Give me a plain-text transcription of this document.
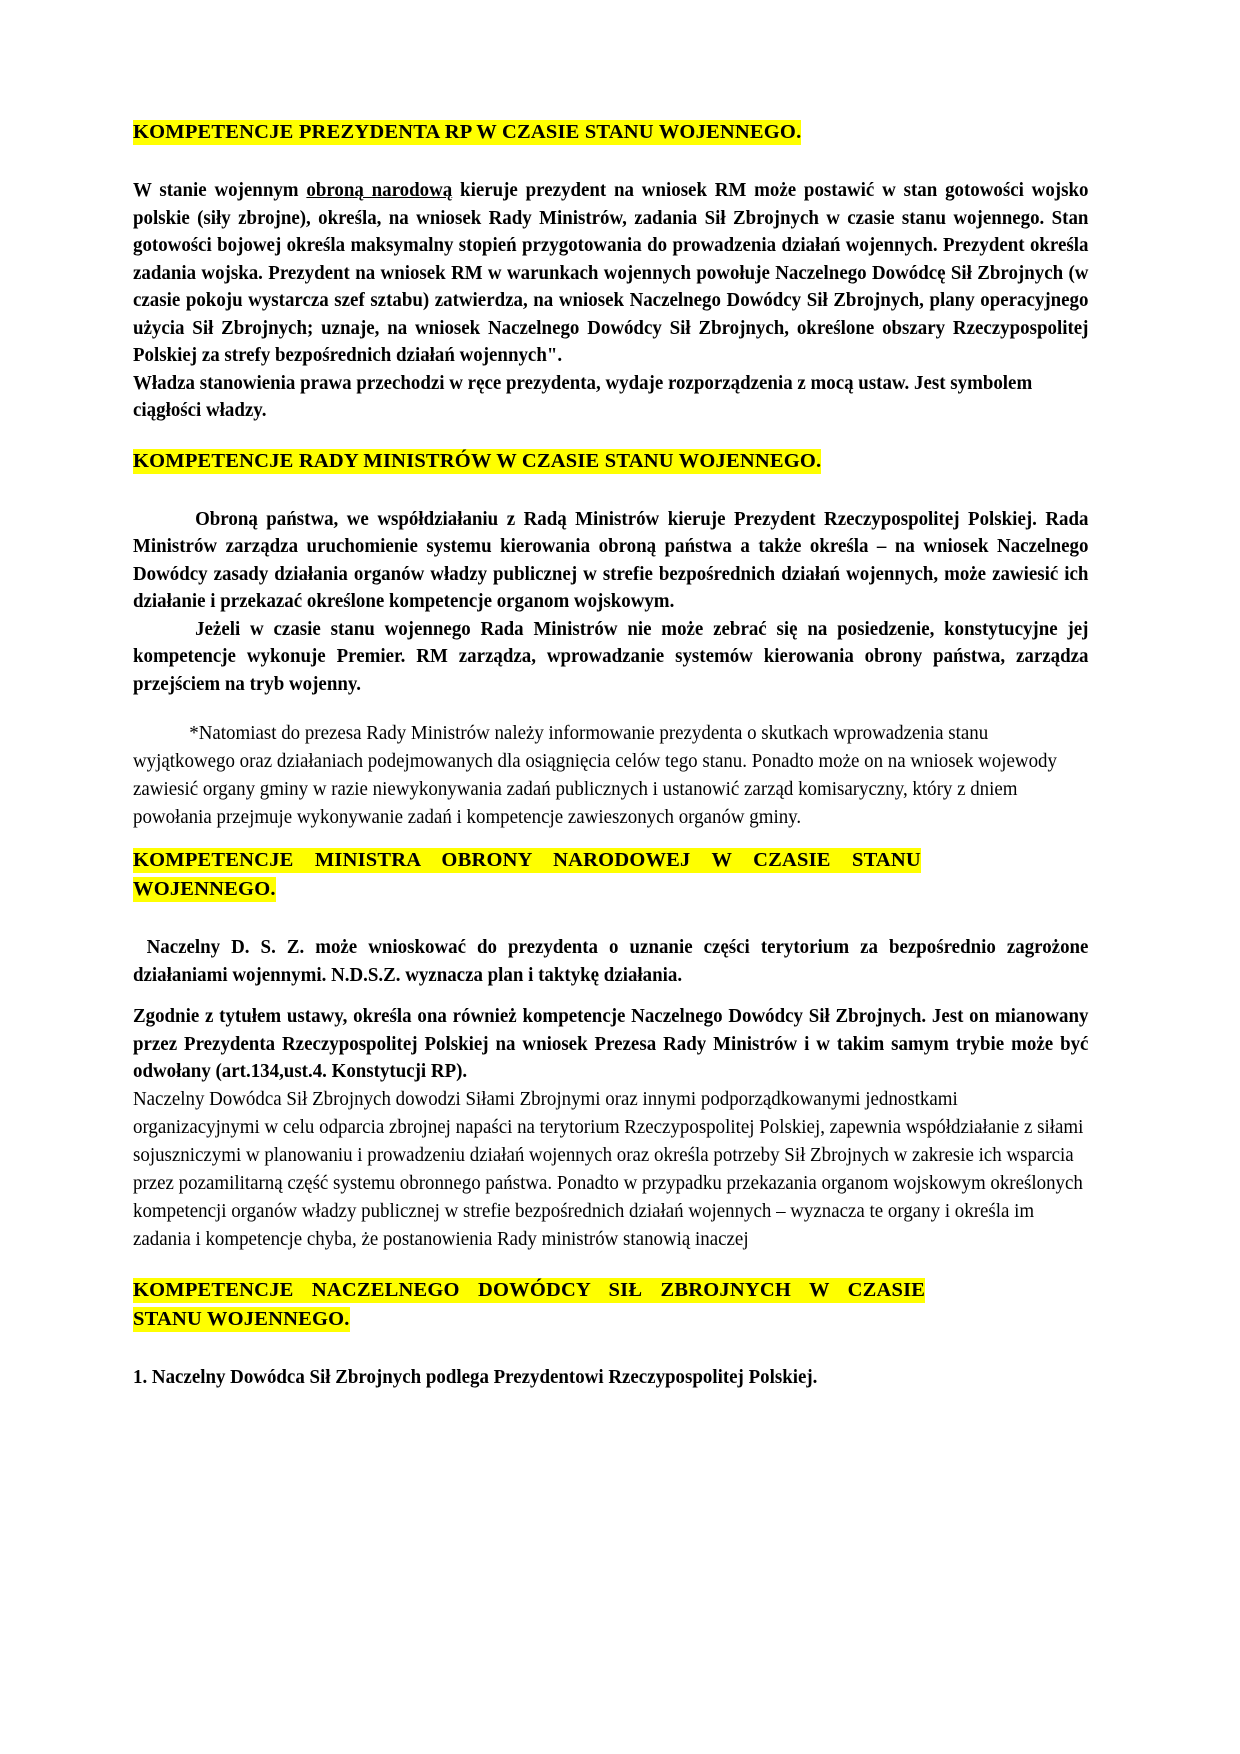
KOMPETENCJE PREZYDENTA RP W CZASIE STANU WOJENNEGO.

W stanie wojennym obroną narodową kieruje prezydent na wniosek RM może postawić w stan gotowości wojsko polskie (siły zbrojne), określa, na wniosek Rady Ministrów, zadania Sił Zbrojnych w czasie stanu wojennego. Stan gotowości bojowej określa maksymalny stopień przygotowania do prowadzenia działań wojennych. Prezydent określa zadania wojska. Prezydent na wniosek RM w warunkach wojennych powołuje Naczelnego Dowódcę Sił Zbrojnych (w czasie pokoju wystarcza szef sztabu) zatwierdza, na wniosek Naczelnego Dowódcy Sił Zbrojnych, plany operacyjnego użycia Sił Zbrojnych; uznaje, na wniosek Naczelnego Dowódcy Sił Zbrojnych, określone obszary Rzeczypospolitej Polskiej za strefy bezpośrednich działań wojennych".

Władza stanowienia prawa przechodzi w ręce prezydenta, wydaje rozporządzenia z mocą ustaw. Jest symbolem ciągłości władzy.

KOMPETENCJE RADY MINISTRÓW W CZASIE STANU WOJENNEGO.

Obroną państwa, we współdziałaniu z Radą Ministrów kieruje Prezydent Rzeczypospolitej Polskiej. Rada Ministrów zarządza uruchomienie systemu kierowania obroną państwa a także określa – na wniosek Naczelnego Dowódcy zasady działania organów władzy publicznej w strefie bezpośrednich działań wojennych, może zawiesić ich działanie i przekazać określone kompetencje organom wojskowym.

Jeżeli w czasie stanu wojennego Rada Ministrów nie może zebrać się na posiedzenie, konstytucyjne jej kompetencje wykonuje Premier. RM zarządza, wprowadzanie systemów kierowania obrony państwa, zarządza przejściem na tryb wojenny.

*Natomiast do prezesa Rady Ministrów należy informowanie prezydenta o skutkach wprowadzenia stanu wyjątkowego oraz działaniach podejmowanych dla osiągnięcia celów tego stanu. Ponadto może on na wniosek wojewody zawiesić organy gminy w razie niewykonywania zadań publicznych i ustanowić zarząd komisaryczny, który z dniem powołania przejmuje wykonywanie zadań i kompetencje zawieszonych organów gminy.

KOMPETENCJE MINISTRA OBRONY NARODOWEJ W CZASIE STANU
WOJENNEGO.

Naczelny D. S. Z. może wnioskować do prezydenta o uznanie części terytorium za bezpośrednio zagrożone działaniami wojennymi. N.D.S.Z. wyznacza plan i taktykę działania.

Zgodnie z tytułem ustawy, określa ona również kompetencje Naczelnego Dowódcy Sił Zbrojnych. Jest on mianowany przez Prezydenta Rzeczypospolitej Polskiej na wniosek Prezesa Rady Ministrów i w takim samym trybie może być odwołany (art.134,ust.4. Konstytucji RP).

Naczelny Dowódca Sił Zbrojnych dowodzi Siłami Zbrojnymi oraz innymi podporządkowanymi jednostkami organizacyjnymi w celu odparcia zbrojnej napaści na terytorium Rzeczypospolitej Polskiej, zapewnia współdziałanie z siłami sojuszniczymi w planowaniu i prowadzeniu działań wojennych oraz określa potrzeby Sił Zbrojnych w zakresie ich wsparcia przez pozamilitarną część systemu obronnego państwa. Ponadto w przypadku przekazania organom wojskowym określonych kompetencji organów władzy publicznej w strefie bezpośrednich działań wojennych – wyznacza te organy i określa im zadania i kompetencje chyba, że postanowienia Rady ministrów stanowią inaczej

KOMPETENCJE NACZELNEGO DOWÓDCY SIŁ ZBROJNYCH W CZASIE
STANU WOJENNEGO.

1. Naczelny Dowódca Sił Zbrojnych podlega Prezydentowi Rzeczypospolitej Polskiej.
